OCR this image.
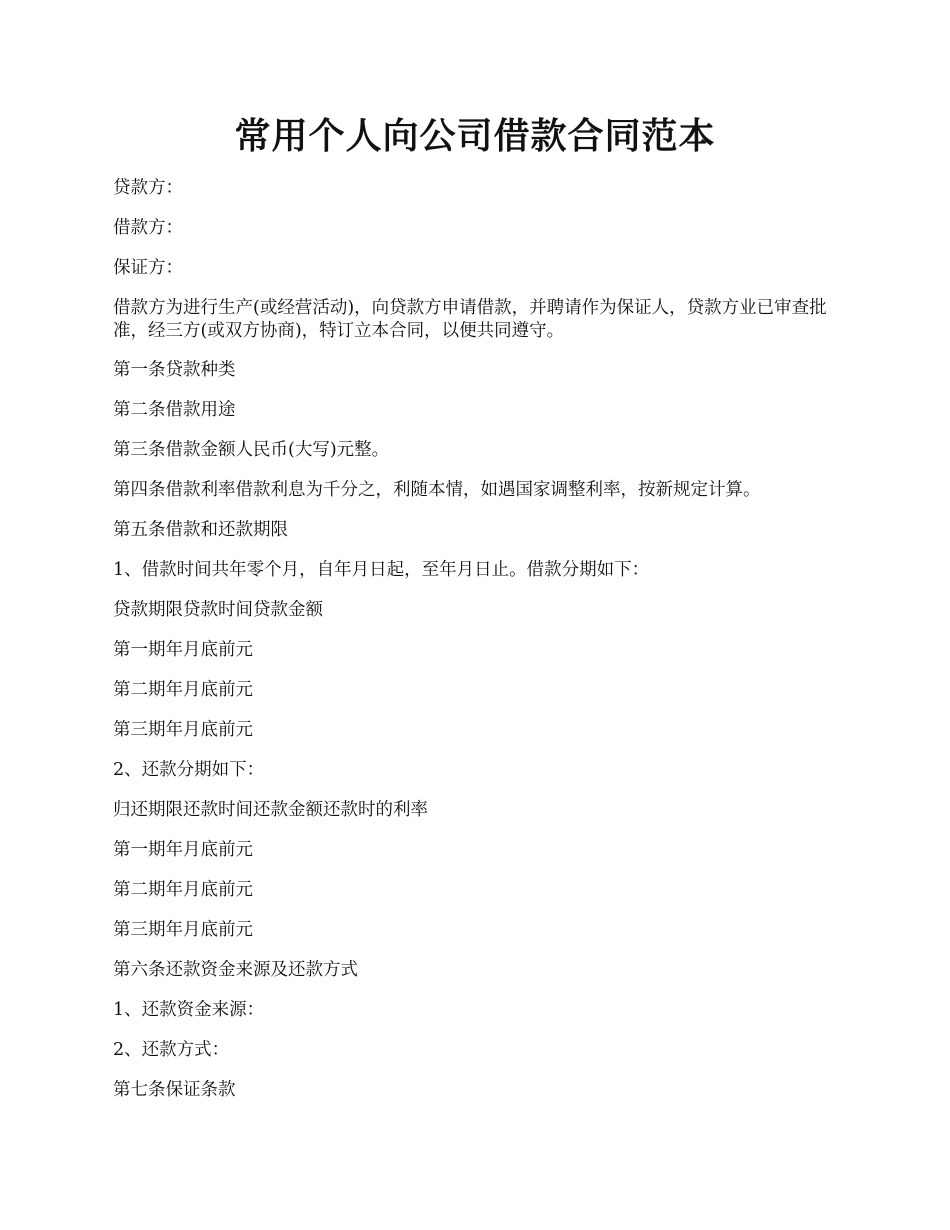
常用个人向公司借款合同范本

贷款方：

借款方：

保证方：

借款方为进行生产(或经营活动)，向贷款方申请借款，并聘请作为保证人，贷款方业已审查批准，经三方(或双方协商)，特订立本合同，以便共同遵守。

第一条贷款种类

第二条借款用途

第三条借款金额人民币(大写)元整。

第四条借款利率借款利息为千分之，利随本情，如遇国家调整利率，按新规定计算。

第五条借款和还款期限

1、借款时间共年零个月，自年月日起，至年月日止。借款分期如下：

贷款期限贷款时间贷款金额

第一期年月底前元

第二期年月底前元

第三期年月底前元

2、还款分期如下：

归还期限还款时间还款金额还款时的利率

第一期年月底前元

第二期年月底前元

第三期年月底前元

第六条还款资金来源及还款方式

1、还款资金来源：

2、还款方式：

第七条保证条款
